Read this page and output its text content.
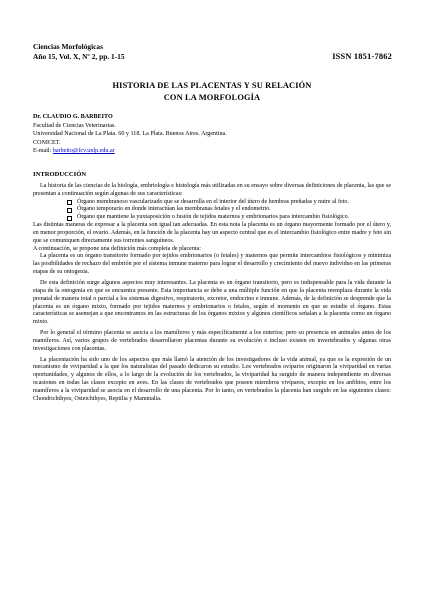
Ciencias Morfológicas
Año 15, Vol. X, Nº 2, pp. 1-15	ISSN 1851-7862
HISTORIA DE LAS PLACENTAS Y SU RELACIÓN
CON LA MORFOLOGÍA
Dr. CLAUDIO G. BARBEITO
Facultad de Ciencias Veterinarias.
Universidad Nacional de La Plata. 60 y 118. La Plata. Buenos Aires. Argentina.
CONICET.
E-mail: barbeito@fcv.unlp.edu.ar
INTRODUCCIÓN

La historia de las ciencias de la biología, embriología e histología más utilizadas en su ensayo sobre diversas definiciones de placenta, las que se presentan a continuación según algunas de sus características:

Órgano membranoso vascularizado que se desarrolla en el interior del útero de hembras preñadas y nutre al feto.
Órgano temporario en donde interactúan las membranas fetales y el endometrio.
Órgano que mantiene la yuxtaposición o fusión de tejidos maternos y embrionarios para intercambio fisiológico.

Las distintas maneras de expresar a la placenta son igual tan adecuadas. En esta nota la placenta es un órgano mayormente formado por el útero y, en menor proporción, el ovario. Además, en la función de la placenta hay un aspecto central que es el intercambio fisiológico entre madre y feto sin que se comuniquen directamente sus torrentes sanguíneos.

A continuación, se propone una definición más completa de placenta:

La placenta es un órgano transitorio formado por tejidos embrionarios (o fetales) y maternos que permite intercambios fisiológicos y minimiza las posibilidades de rechazo del embrión por el sistema inmune materno para lograr el desarrollo y crecimiento del nuevo individuo en las primeras etapas de su ontogenia.

De esta definición surge algunos aspectos muy interesantes. La placenta es un órgano transitorio, pero es indispensable para la vida durante la etapa de la ontogenia en que se encuentra presente. Esta importancia se debe a una múltiple función en que la placenta reemplaza durante la vida prenatal de manera total o parcial a los sistemas digestivo, respiratorio, excretor, endocrino e inmune. Además, de la definición se desprende que la placenta es un órgano mixto, formado por tejidos maternos y embrionarios o fetales, según el momento en que se estudie el órgano. Estas características se asemejan a que encontramos en las estructuras de los órganos mixtos y algunos científicos señalan a la placenta como un órgano mixto.

Por lo general el término placenta se asocia a los mamíferos y más específicamente a los euterios; pero su presencia en animales antes de los mamíferos. Así, varios grupos de vertebrados desarrollaron placentas durante su evolución e incluso existen en invertebrados y algunas otras investigaciones con placentas.

La placentación ha sido uno de los aspectos que más llamó la atención de los investigadores de la vida animal, ya que es la expresión de un mecanismo de viviparidad a la que los naturalistas del pasado dedicaron su estudio. Los vertebrados ovíparos originaron la viviparidad en varias oportunidades, y algunos de ellos, a lo largo de la evolución de los vertebrados, la viviparidad ha surgido de manera independiente en diversas ocasiones en todas las clases excepto en aves. En las clases de vertebrados que poseen miembros vivíparos, excepto en los anfibios, entre los mamíferos a la viviparidad se asocia en el desarrollo de una placenta. Por lo tanto, en vertebrados la placenta han surgido en las siguientes clases: Chondrichthyes, Osteichthyes, Reptilia y Mammalia.
